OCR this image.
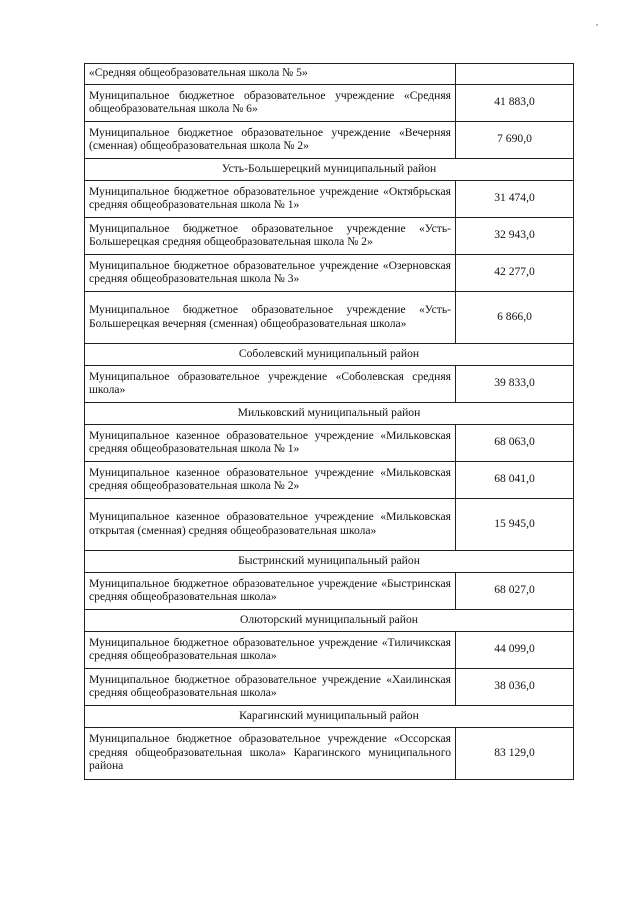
«Средняя общеобразовательная школа № 5»	
Муниципальное бюджетное образовательное учреждение «Средняя общеобразовательная школа № 6»	41 883,0
Муниципальное бюджетное образовательное учреждение «Вечерняя (сменная) общеобразовательная школа № 2»	7 690,0
Усть-Большерецкий муниципальный район	
Муниципальное бюджетное образовательное учреждение «Октябрьская средняя общеобразовательная школа № 1»	31 474,0
Муниципальное бюджетное образовательное учреждение «Усть-Большерецкая средняя общеобразовательная школа № 2»	32 943,0
Муниципальное бюджетное образовательное учреждение «Озерновская средняя общеобразовательная школа № 3»	42 277,0
Муниципальное бюджетное образовательное учреждение «Усть-Большерецкая вечерняя (сменная) общеобразовательная школа»	6 866,0
Соболевский муниципальный район	
Муниципальное образовательное учреждение «Соболевская средняя школа»	39 833,0
Мильковский муниципальный район	
Муниципальное казенное образовательное учреждение «Мильковская средняя общеобразовательная школа № 1»	68 063,0
Муниципальное казенное образовательное учреждение «Мильковская средняя общеобразовательная школа № 2»	68 041,0
Муниципальное казенное образовательное учреждение «Мильковская открытая (сменная) средняя общеобразовательная школа»	15 945,0
Быстринский муниципальный район	
Муниципальное бюджетное образовательное учреждение «Быстринская средняя общеобразовательная школа»	68 027,0
Олюторский муниципальный район	
Муниципальное бюджетное образовательное учреждение «Тиличикская средняя общеобразовательная школа»	44 099,0
Муниципальное бюджетное образовательное учреждение «Хаилинская средняя общеобразовательная школа»	38 036,0
Карагинский муниципальный район	
Муниципальное бюджетное образовательное учреждение «Оссорская средняя общеобразовательная школа» Карагинского муниципального района	83 129,0
